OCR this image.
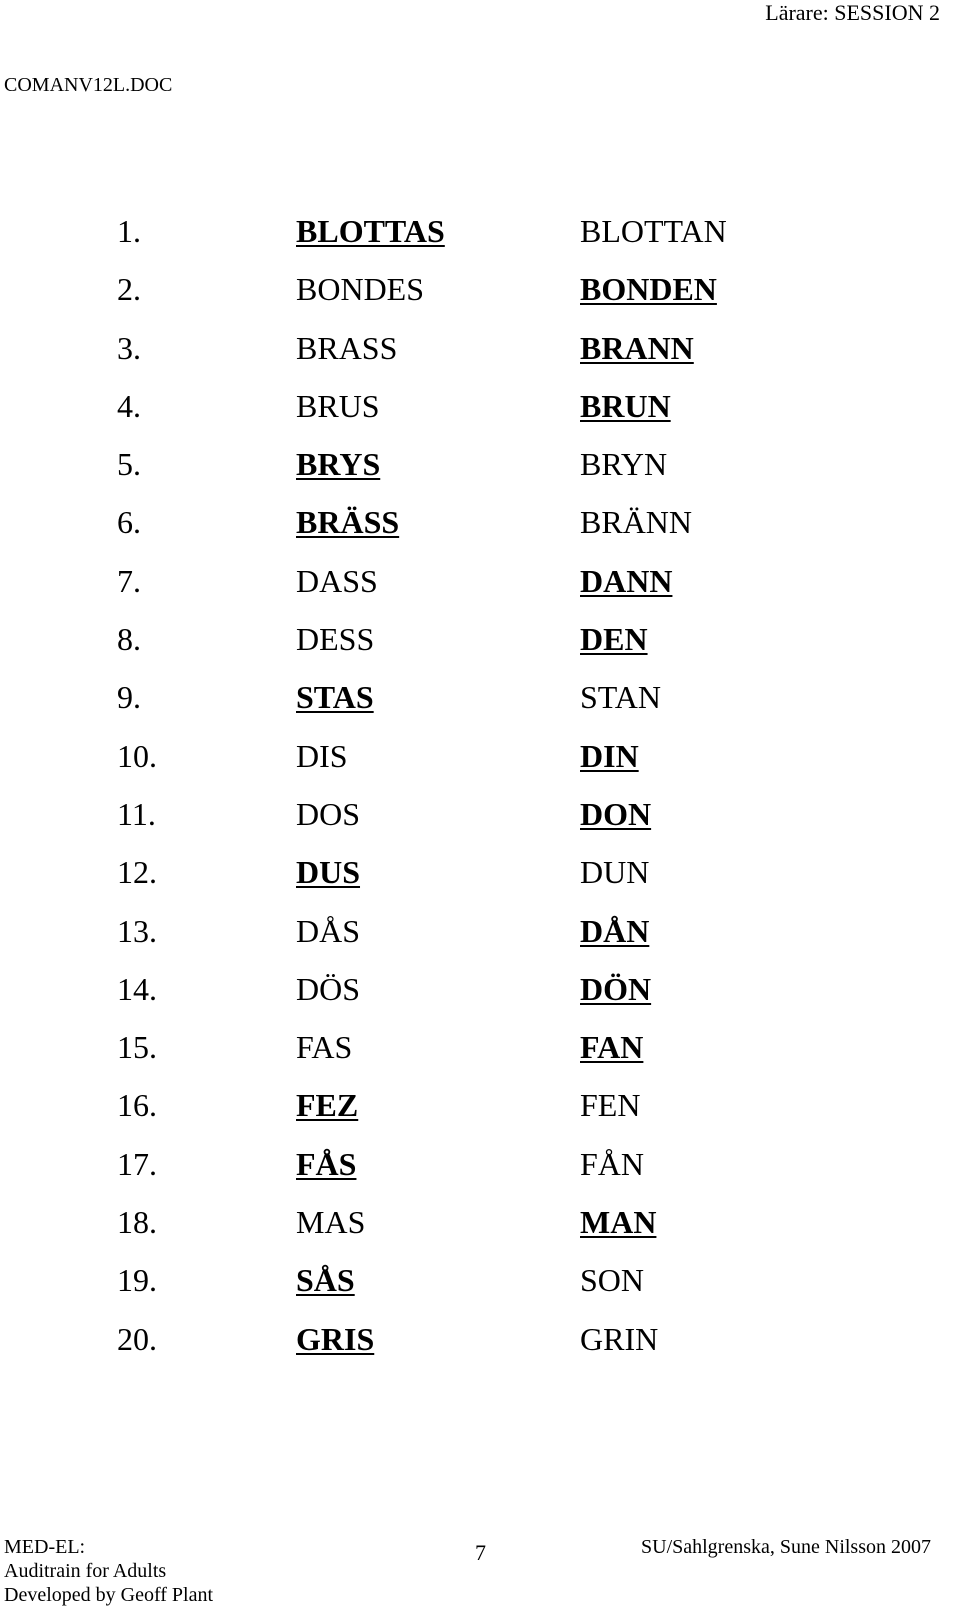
Lärare: SESSION 2
COMANV12L.DOC
1.	BLOTTAS	BLOTTAN
2.	BONDES	BONDEN
3.	BRASS	BRANN
4.	BRUS	BRUN
5.	BRYS	BRYN
6.	BRÄSS	BRÄNN
7.	DASS	DANN
8.	DESS	DEN
9.	STAS	STAN
10.	DIS	DIN
11.	DOS	DON
12.	DUS	DUN
13.	DÅS	DÅN
14.	DÖS	DÖN
15.	FAS	FAN
16.	FEZ	FEN
17.	FÅS	FÅN
18.	MAS	MAN
19.	SÅS	SON
20.	GRIS	GRIN
MED-EL:
Auditrain for Adults
Developed by Geoff Plant
7	SU/Sahlgrenska, Sune Nilsson 2007
